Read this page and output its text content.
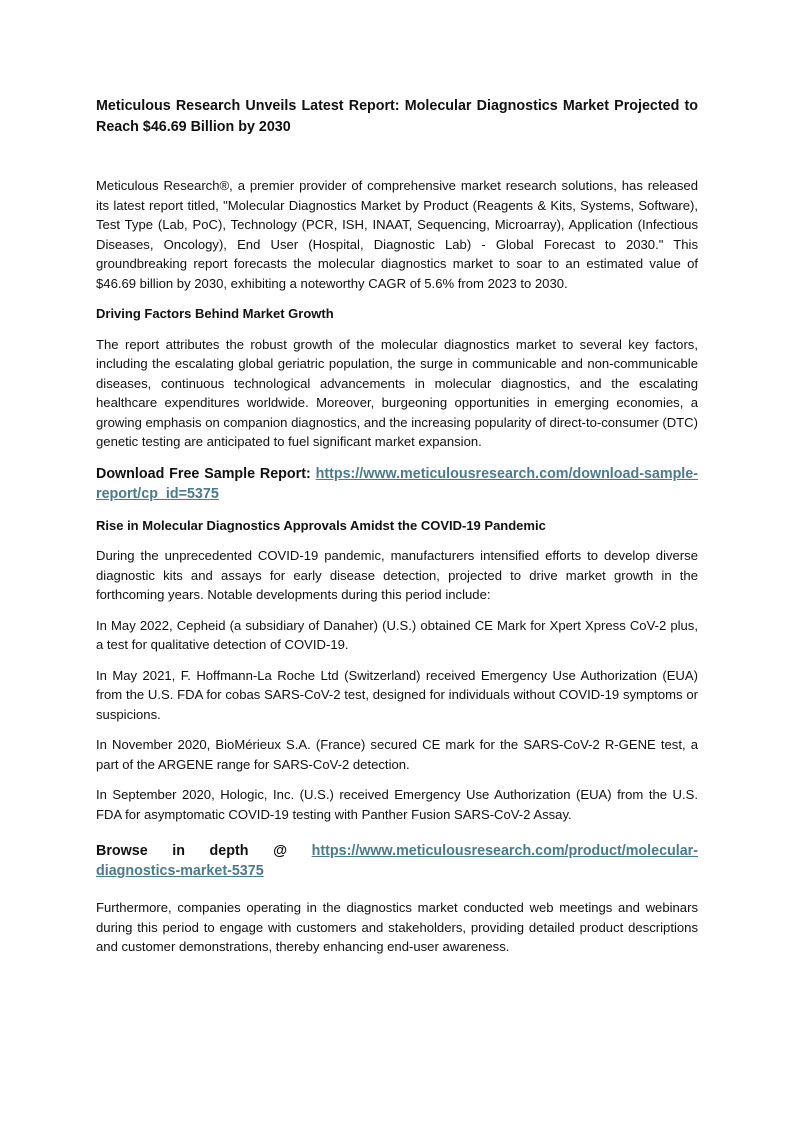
Meticulous Research Unveils Latest Report: Molecular Diagnostics Market Projected to Reach $46.69 Billion by 2030

Meticulous Research®, a premier provider of comprehensive market research solutions, has released its latest report titled, "Molecular Diagnostics Market by Product (Reagents & Kits, Systems, Software), Test Type (Lab, PoC), Technology (PCR, ISH, INAAT, Sequencing, Microarray), Application (Infectious Diseases, Oncology), End User (Hospital, Diagnostic Lab) - Global Forecast to 2030." This groundbreaking report forecasts the molecular diagnostics market to soar to an estimated value of $46.69 billion by 2030, exhibiting a noteworthy CAGR of 5.6% from 2023 to 2030.

Driving Factors Behind Market Growth

The report attributes the robust growth of the molecular diagnostics market to several key factors, including the escalating global geriatric population, the surge in communicable and non-communicable diseases, continuous technological advancements in molecular diagnostics, and the escalating healthcare expenditures worldwide. Moreover, burgeoning opportunities in emerging economies, a growing emphasis on companion diagnostics, and the increasing popularity of direct-to-consumer (DTC) genetic testing are anticipated to fuel significant market expansion.

Download Free Sample Report: https://www.meticulousresearch.com/download-sample-report/cp_id=5375

Rise in Molecular Diagnostics Approvals Amidst the COVID-19 Pandemic

During the unprecedented COVID-19 pandemic, manufacturers intensified efforts to develop diverse diagnostic kits and assays for early disease detection, projected to drive market growth in the forthcoming years. Notable developments during this period include:

In May 2022, Cepheid (a subsidiary of Danaher) (U.S.) obtained CE Mark for Xpert Xpress CoV-2 plus, a test for qualitative detection of COVID-19.

In May 2021, F. Hoffmann-La Roche Ltd (Switzerland) received Emergency Use Authorization (EUA) from the U.S. FDA for cobas SARS-CoV-2 test, designed for individuals without COVID-19 symptoms or suspicions.

In November 2020, BioMérieux S.A. (France) secured CE mark for the SARS-CoV-2 R-GENE test, a part of the ARGENE range for SARS-CoV-2 detection.

In September 2020, Hologic, Inc. (U.S.) received Emergency Use Authorization (EUA) from the U.S. FDA for asymptomatic COVID-19 testing with Panther Fusion SARS-CoV-2 Assay.

Browse in depth @ https://www.meticulousresearch.com/product/molecular-diagnostics-market-5375

Furthermore, companies operating in the diagnostics market conducted web meetings and webinars during this period to engage with customers and stakeholders, providing detailed product descriptions and customer demonstrations, thereby enhancing end-user awareness.
